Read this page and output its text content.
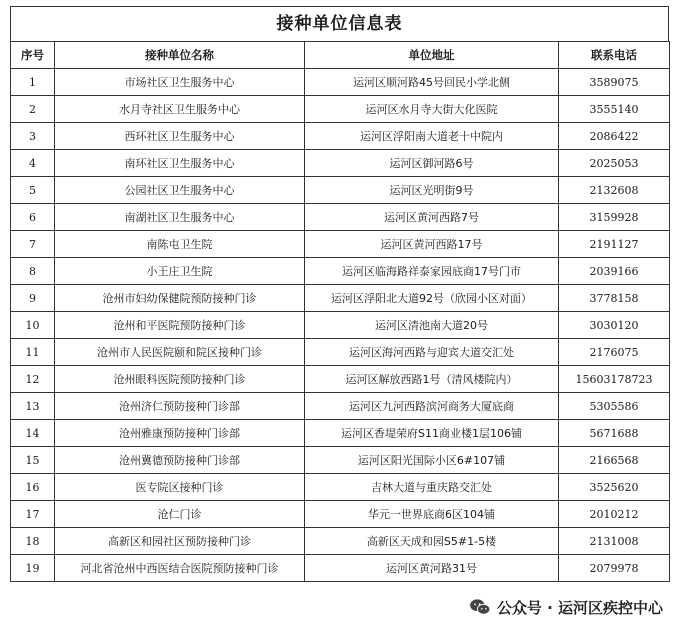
接种单位信息表
序号	接种单位名称	单位地址	联系电话
1	市场社区卫生服务中心	运河区顺河路45号回民小学北侧	3589075
2	水月寺社区卫生服务中心	运河区水月寺大街大化医院	3555140
3	西环社区卫生服务中心	运河区浮阳南大道老十中院内	2086422
4	南环社区卫生服务中心	运河区御河路6号	2025053
5	公园社区卫生服务中心	运河区光明街9号	2132608
6	南湖社区卫生服务中心	运河区黄河西路7号	3159928
7	南陈屯卫生院	运河区黄河西路17号	2191127
8	小王庄卫生院	运河区临海路祥泰家园底商17号门市	2039166
9	沧州市妇幼保健院预防接种门诊	运河区浮阳北大道92号（欣园小区对面）	3778158
10	沧州和平医院预防接种门诊	运河区清池南大道20号	3030120
11	沧州市人民医院颐和院区接种门诊	运河区海河西路与迎宾大道交汇处	2176075
12	沧州眼科医院预防接种门诊	运河区解放西路1号（清风楼院内）	15603178723
13	沧州济仁预防接种门诊部	运河区九河西路滨河商务大厦底商	5305586
14	沧州雅康预防接种门诊部	运河区香堤荣府S11商业楼1层106铺	5671688
15	沧州冀德预防接种门诊部	运河区阳光国际小区6#107铺	2166568
16	医专院区接种门诊	吉林大道与重庆路交汇处	3525620
17	沧仁门诊	华元一世界底商6区104铺	2010212
18	高新区和园社区预防接种门诊	高新区天成和园S5#1-5楼	2131008
19	河北省沧州中西医结合医院预防接种门诊	运河区黄河路31号	2079978
公众号 · 运河区疾控中心
